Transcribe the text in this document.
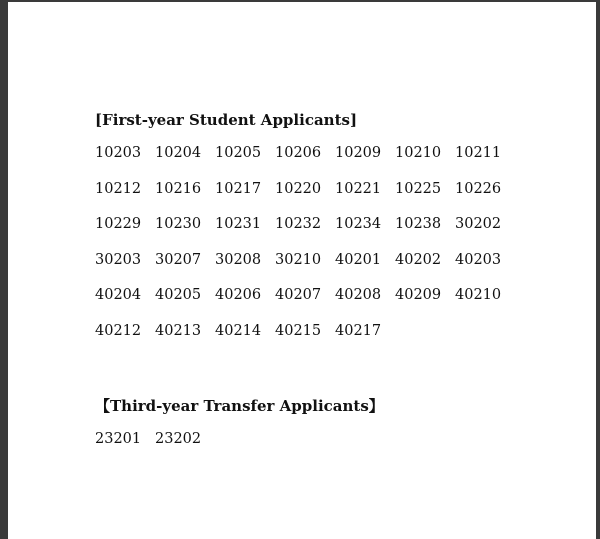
[First-year Student Applicants]
10203 10204 10205 10206 10209 10210 10211
10212 10216 10217 10220 10221 10225 10226
10229 10230 10231 10232 10234 10238 30202
30203 30207 30208 30210 40201 40202 40203
40204 40205 40206 40207 40208 40209 40210
40212 40213 40214 40215 40217
【Third-year Transfer Applicants】
23201 23202
